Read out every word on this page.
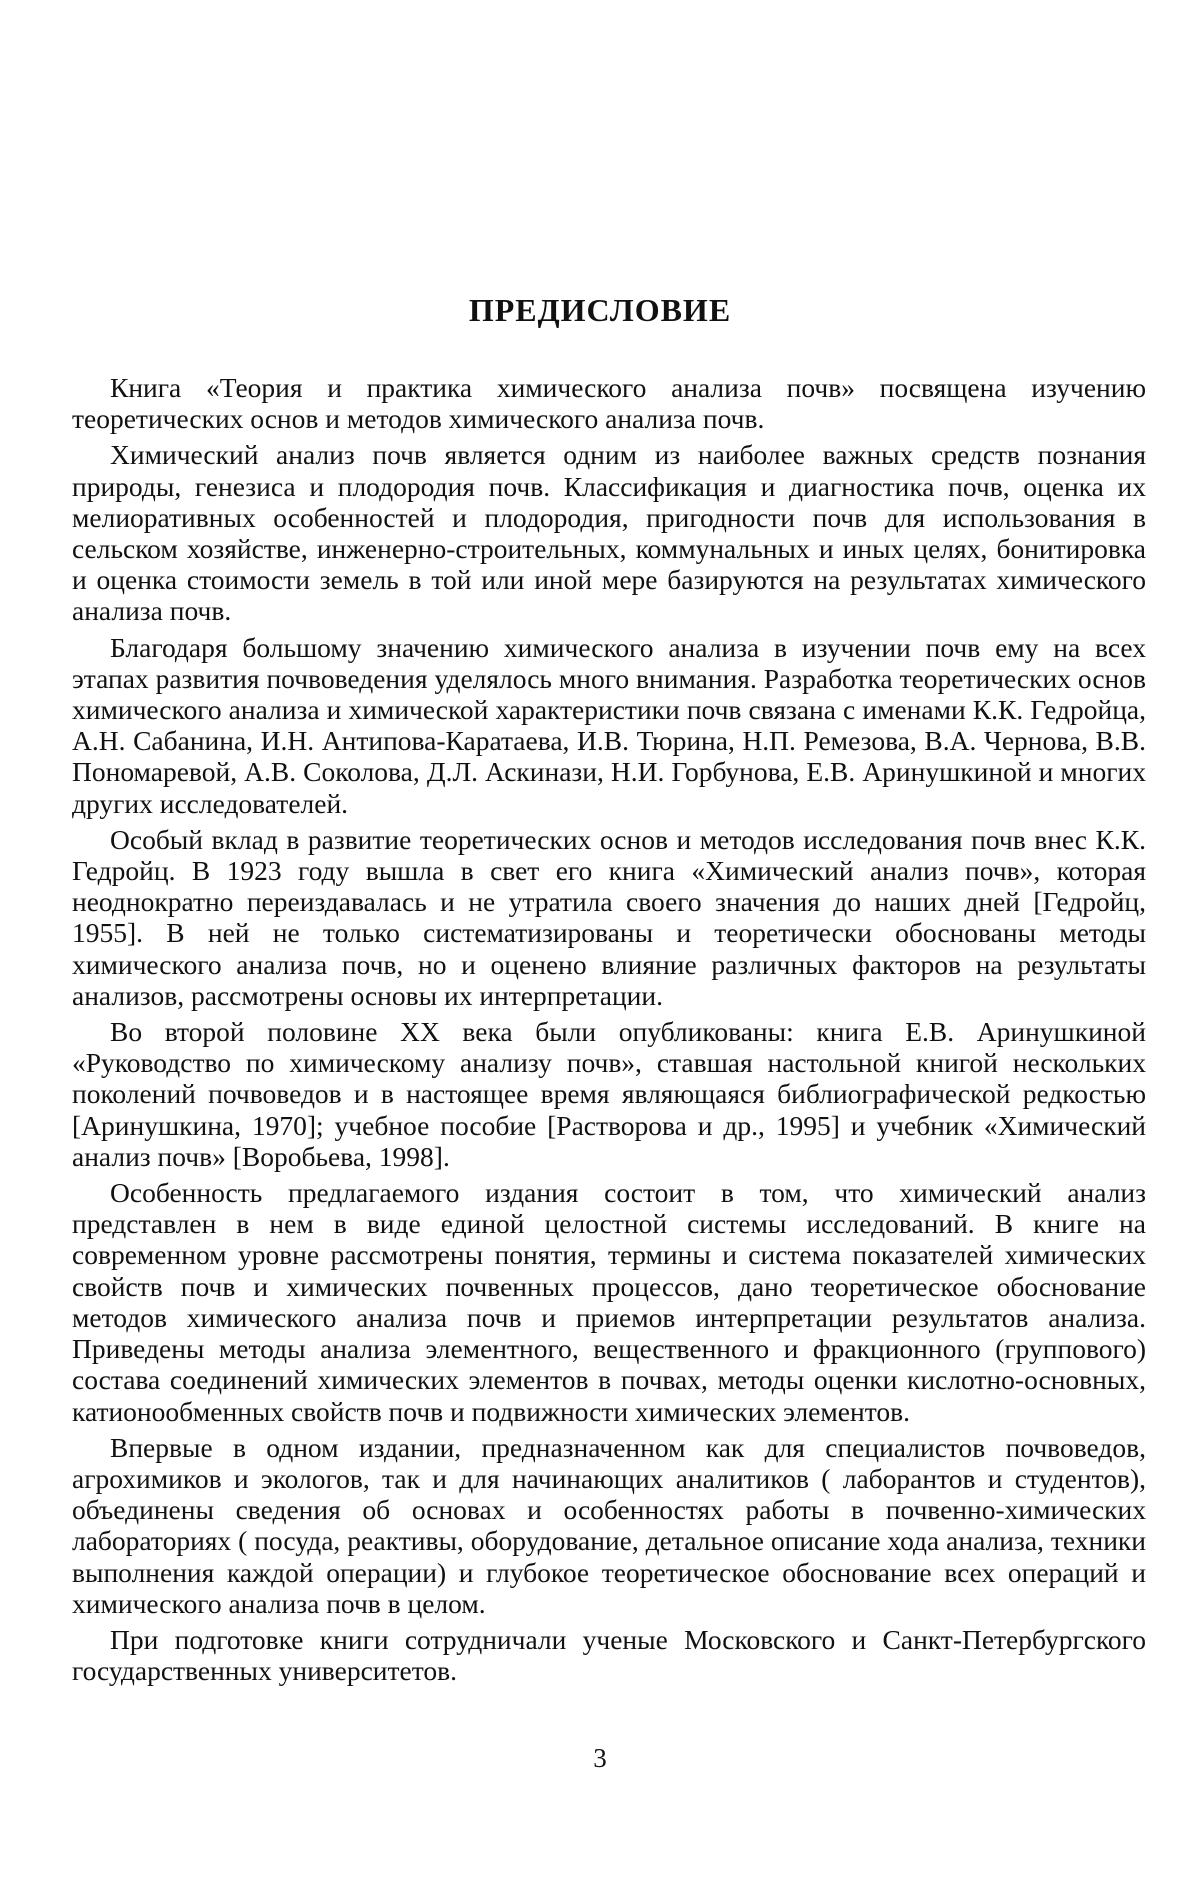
ПРЕДИСЛОВИЕ

Книга «Теория и практика химического анализа почв» посвящена изучению теоретических основ и методов химического анализа почв.

Химический анализ почв является одним из наиболее важных средств познания природы, генезиса и плодородия почв. Классификация и диагностика почв, оценка их мелиоративных особенностей и плодородия, пригодности почв для использования в сельском хозяйстве, инженерно-строительных, коммунальных и иных целях, бонитировка и оценка стоимости земель в той или иной мере базируются на результатах химического анализа почв.

Благодаря большому значению химического анализа в изучении почв ему на всех этапах развития почвоведения уделялось много внимания. Разработка теоретических основ химического анализа и химической характеристики почв связана с именами К.К. Гедройца, А.Н. Сабанина, И.Н. Антипова-Каратаева, И.В. Тюрина, Н.П. Ремезова, В.А. Чернова, В.В. Пономаревой, А.В. Соколова, Д.Л. Аскинази, Н.И. Горбунова, Е.В. Аринушкиной и многих других исследователей.

Особый вклад в развитие теоретических основ и методов исследования почв внес К.К. Гедройц. В 1923 году вышла в свет его книга «Химический анализ почв», которая неоднократно переиздавалась и не утратила своего значения до наших дней [Гедройц, 1955]. В ней не только систематизированы и теоретически обоснованы методы химического анализа почв, но и оценено влияние различных факторов на результаты анализов, рассмотрены основы их интерпретации.

Во второй половине XX века были опубликованы: книга Е.В. Аринушкиной «Руководство по химическому анализу почв», ставшая настольной книгой нескольких поколений почвоведов и в настоящее время являющаяся библиографической редкостью [Аринушкина, 1970]; учебное пособие [Растворова и др., 1995] и учебник «Химический анализ почв» [Воробьева, 1998].

Особенность предлагаемого издания состоит в том, что химический анализ представлен в нем в виде единой целостной системы исследований. В книге на современном уровне рассмотрены понятия, термины и система показателей химических свойств почв и химических почвенных процессов, дано теоретическое обоснование методов химического анализа почв и приемов интерпретации результатов анализа. Приведены методы анализа элементного, вещественного и фракционного (группового) состава соединений химических элементов в почвах, методы оценки кислотно-основных, катионообменных свойств почв и подвижности химических элементов.

Впервые в одном издании, предназначенном как для специалистов почвоведов, агрохимиков и экологов, так и для начинающих аналитиков ( лаборантов и студентов), объединены сведения об основах и особенностях работы в почвенно-химических лабораториях ( посуда, реактивы, оборудование, детальное описание хода анализа, техники выполнения каждой операции) и глубокое теоретическое обоснование всех операций и химического анализа почв в целом.

При подготовке книги сотрудничали ученые Московского и Санкт-Петербургского государственных университетов.

3
